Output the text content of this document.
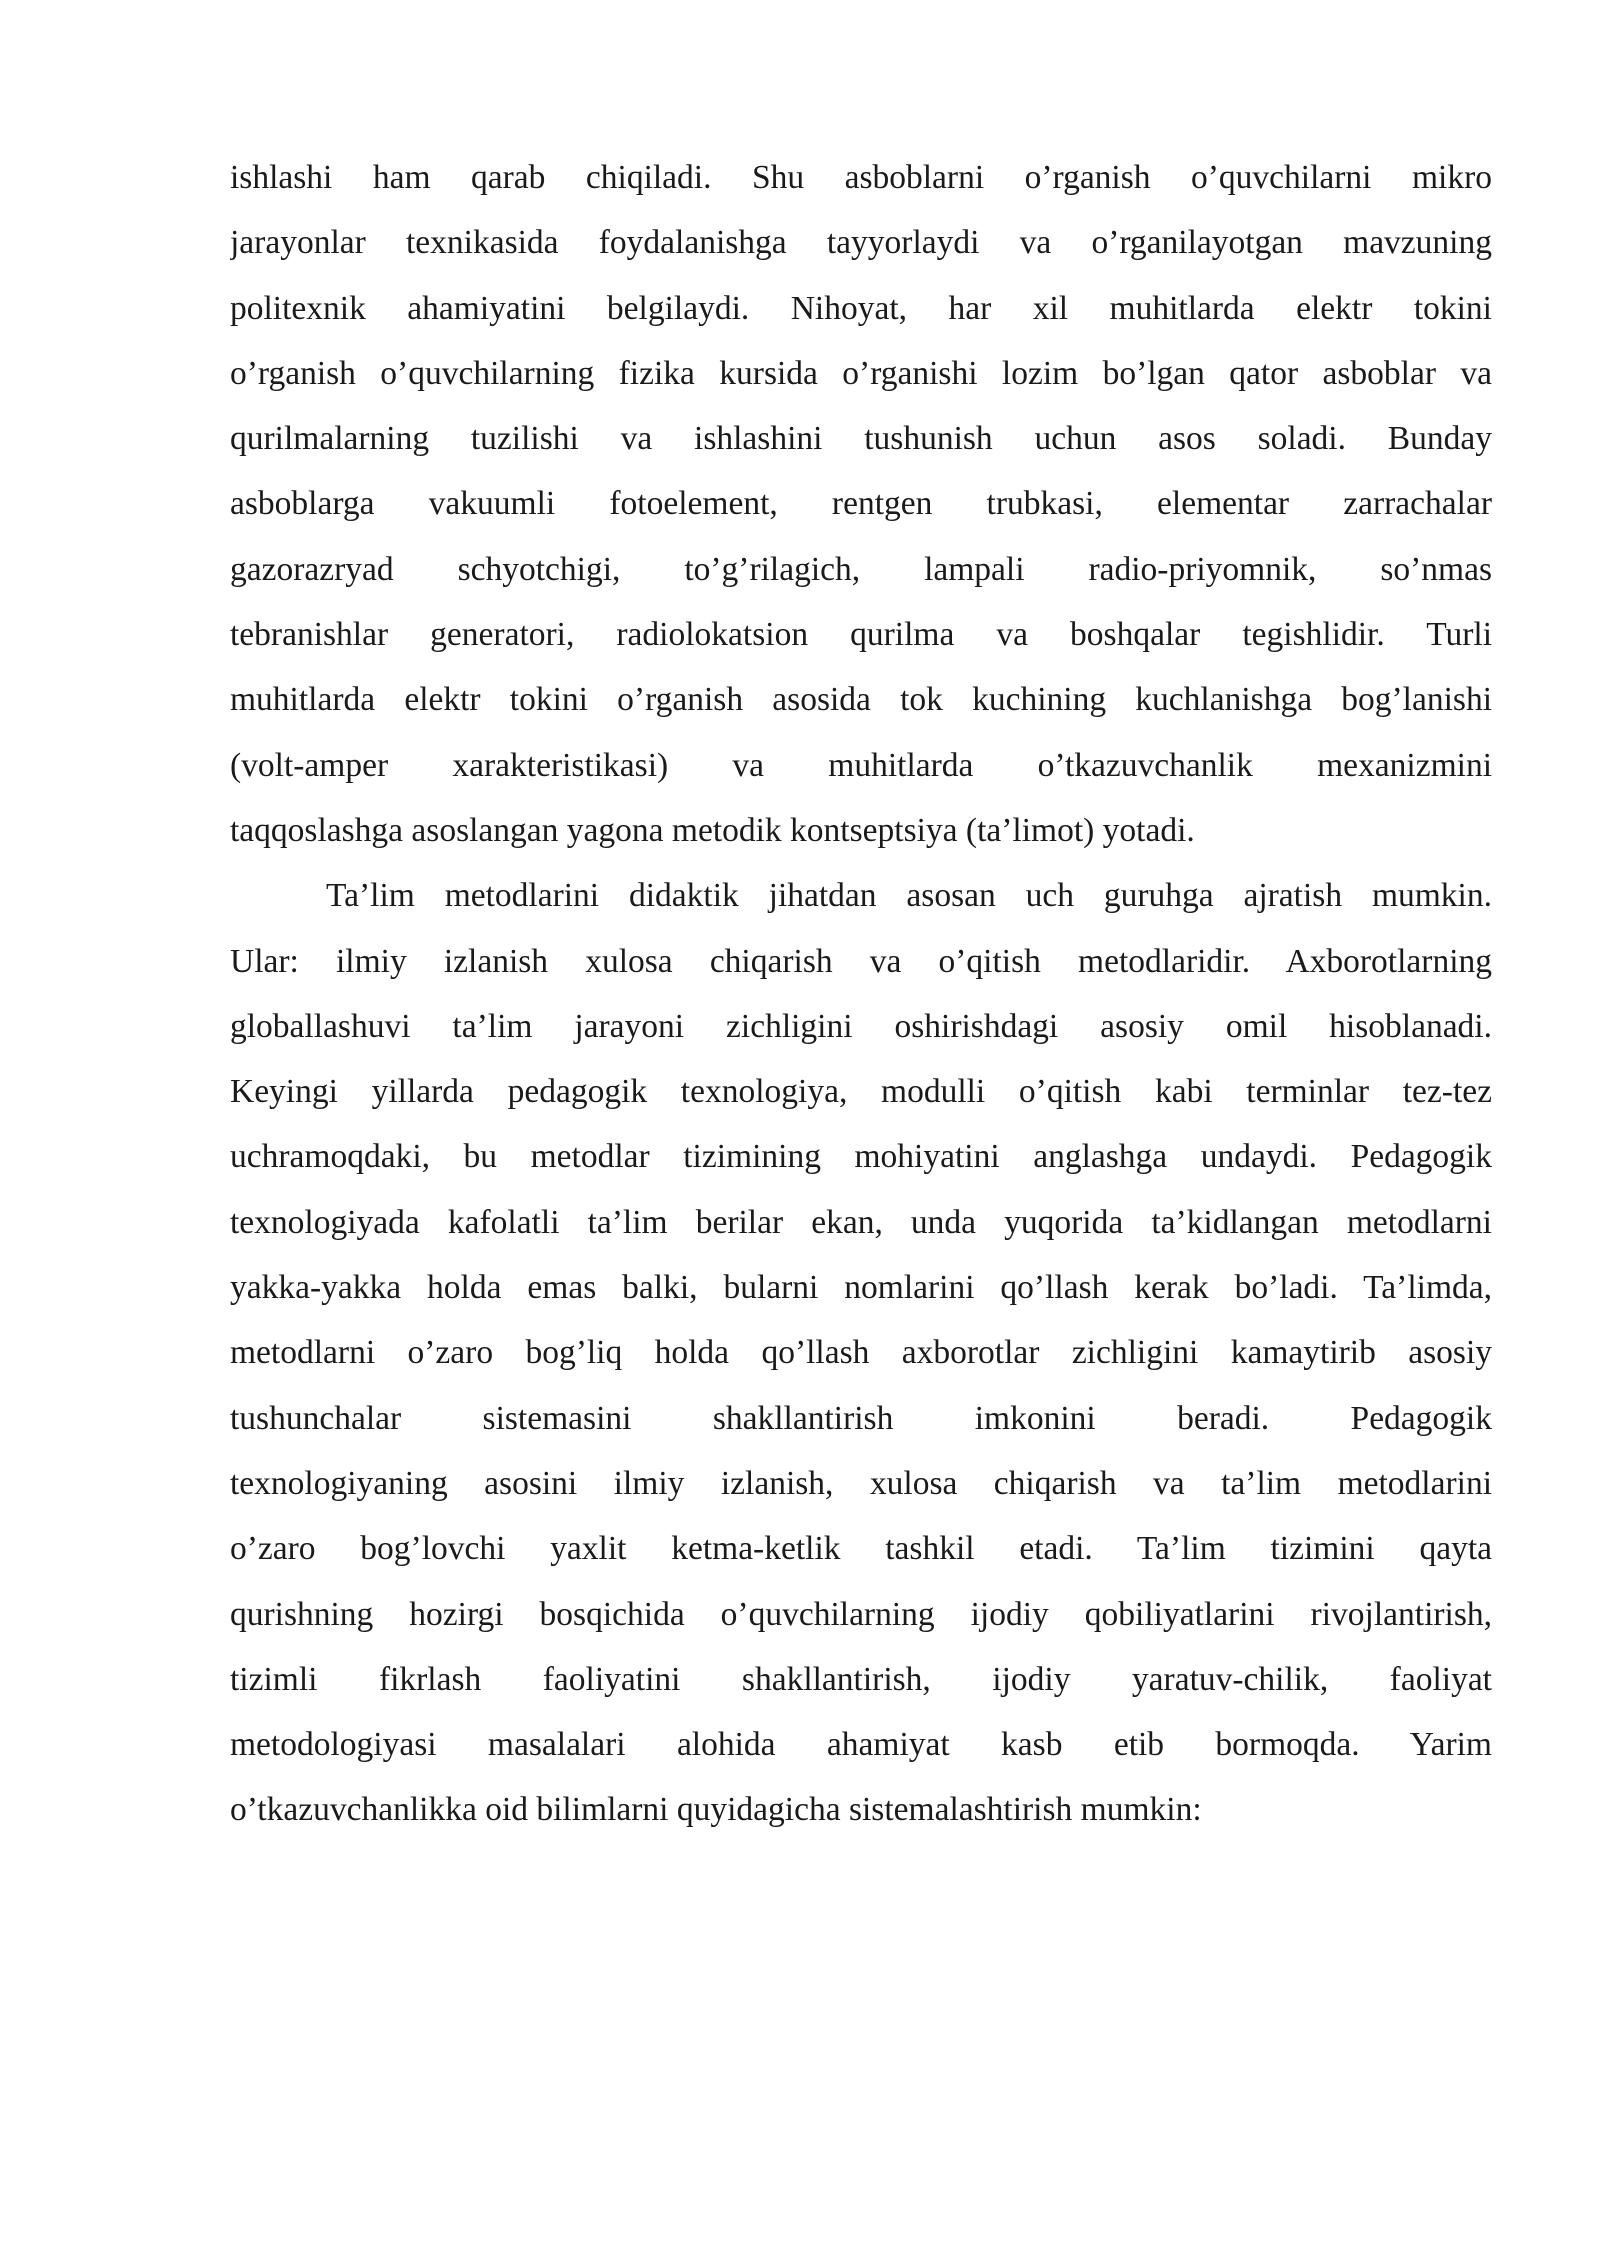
ishlashi ham qarab chiqiladi. Shu asboblarni o’rganish o’quvchilarni mikro
jarayonlar texnikasida foydalanishga tayyorlaydi va o’rganilayotgan mavzuning
politexnik ahamiyatini belgilaydi. Nihoyat, har xil muhitlarda elektr tokini
o’rganish o’quvchilarning fizika kursida o’rganishi lozim bo’lgan qator asboblar va
qurilmalarning tuzilishi va ishlashini tushunish uchun asos soladi. Bunday
asboblarga vakuumli fotoelement, rentgen trubkasi, elementar zarrachalar
gazorazryad schyotchigi, to’g’rilagich, lampali radio-priyomnik, so’nmas
tebranishlar generatori, radiolokatsion qurilma va boshqalar tegishlidir. Turli
muhitlarda elektr tokini o’rganish asosida tok kuchining kuchlanishga bog’lanishi
(volt-amper xarakteristikasi) va muhitlarda o’tkazuvchanlik mexanizmini
taqqoslashga asoslangan yagona metodik kontseptsiya (ta’limot) yotadi.
Ta’lim metodlarini didaktik jihatdan asosan uch guruhga ajratish mumkin.
Ular: ilmiy izlanish xulosa chiqarish va o’qitish metodlaridir. Axborotlarning
globallashuvi ta’lim jarayoni zichligini oshirishdagi asosiy omil hisoblanadi.
Keyingi yillarda pedagogik texnologiya, modulli o’qitish kabi terminlar tez-tez
uchramoqdaki, bu metodlar tizimining mohiyatini anglashga undaydi. Pedagogik
texnologiyada kafolatli ta’lim berilar ekan, unda yuqorida ta’kidlangan metodlarni
yakka-yakka holda emas balki, bularni nomlarini qo’llash kerak bo’ladi. Ta’limda,
metodlarni o’zaro bog’liq holda qo’llash axborotlar zichligini kamaytirib asosiy
tushunchalar sistemasini shakllantirish imkonini beradi. Pedagogik
texnologiyaning asosini ilmiy izlanish, xulosa chiqarish va ta’lim metodlarini
o’zaro bog’lovchi yaxlit ketma-ketlik tashkil etadi. Ta’lim tizimini qayta
qurishning hozirgi bosqichida o’quvchilarning ijodiy qobiliyatlarini rivojlantirish,
tizimli fikrlash faoliyatini shakllantirish, ijodiy yaratuv-chilik, faoliyat
metodologiyasi masalalari alohida ahamiyat kasb etib bormoqda. Yarim
o’tkazuvchanlikka oid bilimlarni quyidagicha sistemalashtirish mumkin:
